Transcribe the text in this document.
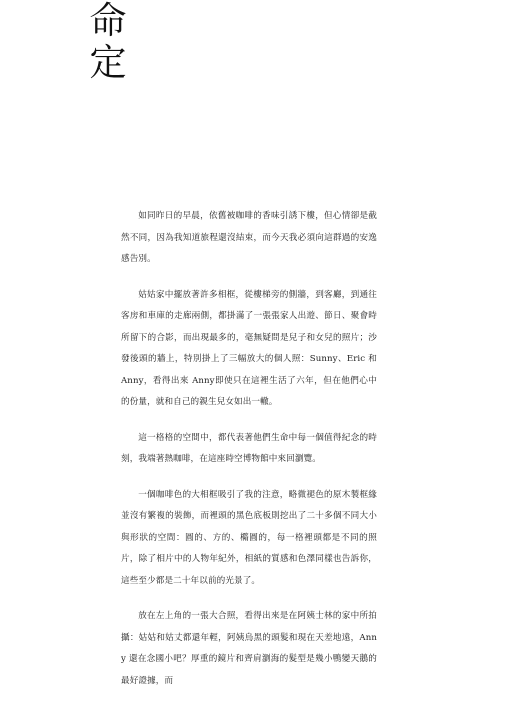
命
定

如同昨日的早晨，依舊被咖啡的香味引誘下樓，但心情卻是截然不同，因為我知道旅程還沒結束，而今天我必須向這群過的安逸感告別。

姑姑家中擺放著許多相框，從樓梯旁的側牆，到客廳，到通往客房和車庫的走廊兩側，都掛滿了一張張家人出遊、節日、聚會時所留下的合影，而出現最多的，毫無疑問是兒子和女兒的照片；沙發後頭的牆上，特別掛上了三幅放大的個人照：Sunny、Eric 和 Anny，看得出來 Anny即使只在這裡生活了六年，但在他們心中的份量，就和自己的親生兒女如出一轍。

這一格格的空間中，都代表著他們生命中每一個值得紀念的時刻，我端著熱咖啡，在這座時空博物館中來回瀏覽。

一個咖啡色的大相框吸引了我的注意，略微褪色的原木製框緣並沒有繁複的裝飾，而裡頭的黑色底板則挖出了二十多個不同大小與形狀的空間：圓的、方的、橢圓的，每一格裡頭都是不同的照片，除了相片中的人物年紀外，相紙的質感和色澤同樣也告訴你，這些至少都是二十年以前的光景了。

放在左上角的一張大合照，看得出來是在阿姨士林的家中所拍攝：姑姑和姑丈都還年輕，阿姨烏黑的頭髮和現在天差地遠，Anny 還在念國小吧？厚重的鏡片和齊肩瀏海的髮型是幾小鴨變天鵝的最好證據，而
